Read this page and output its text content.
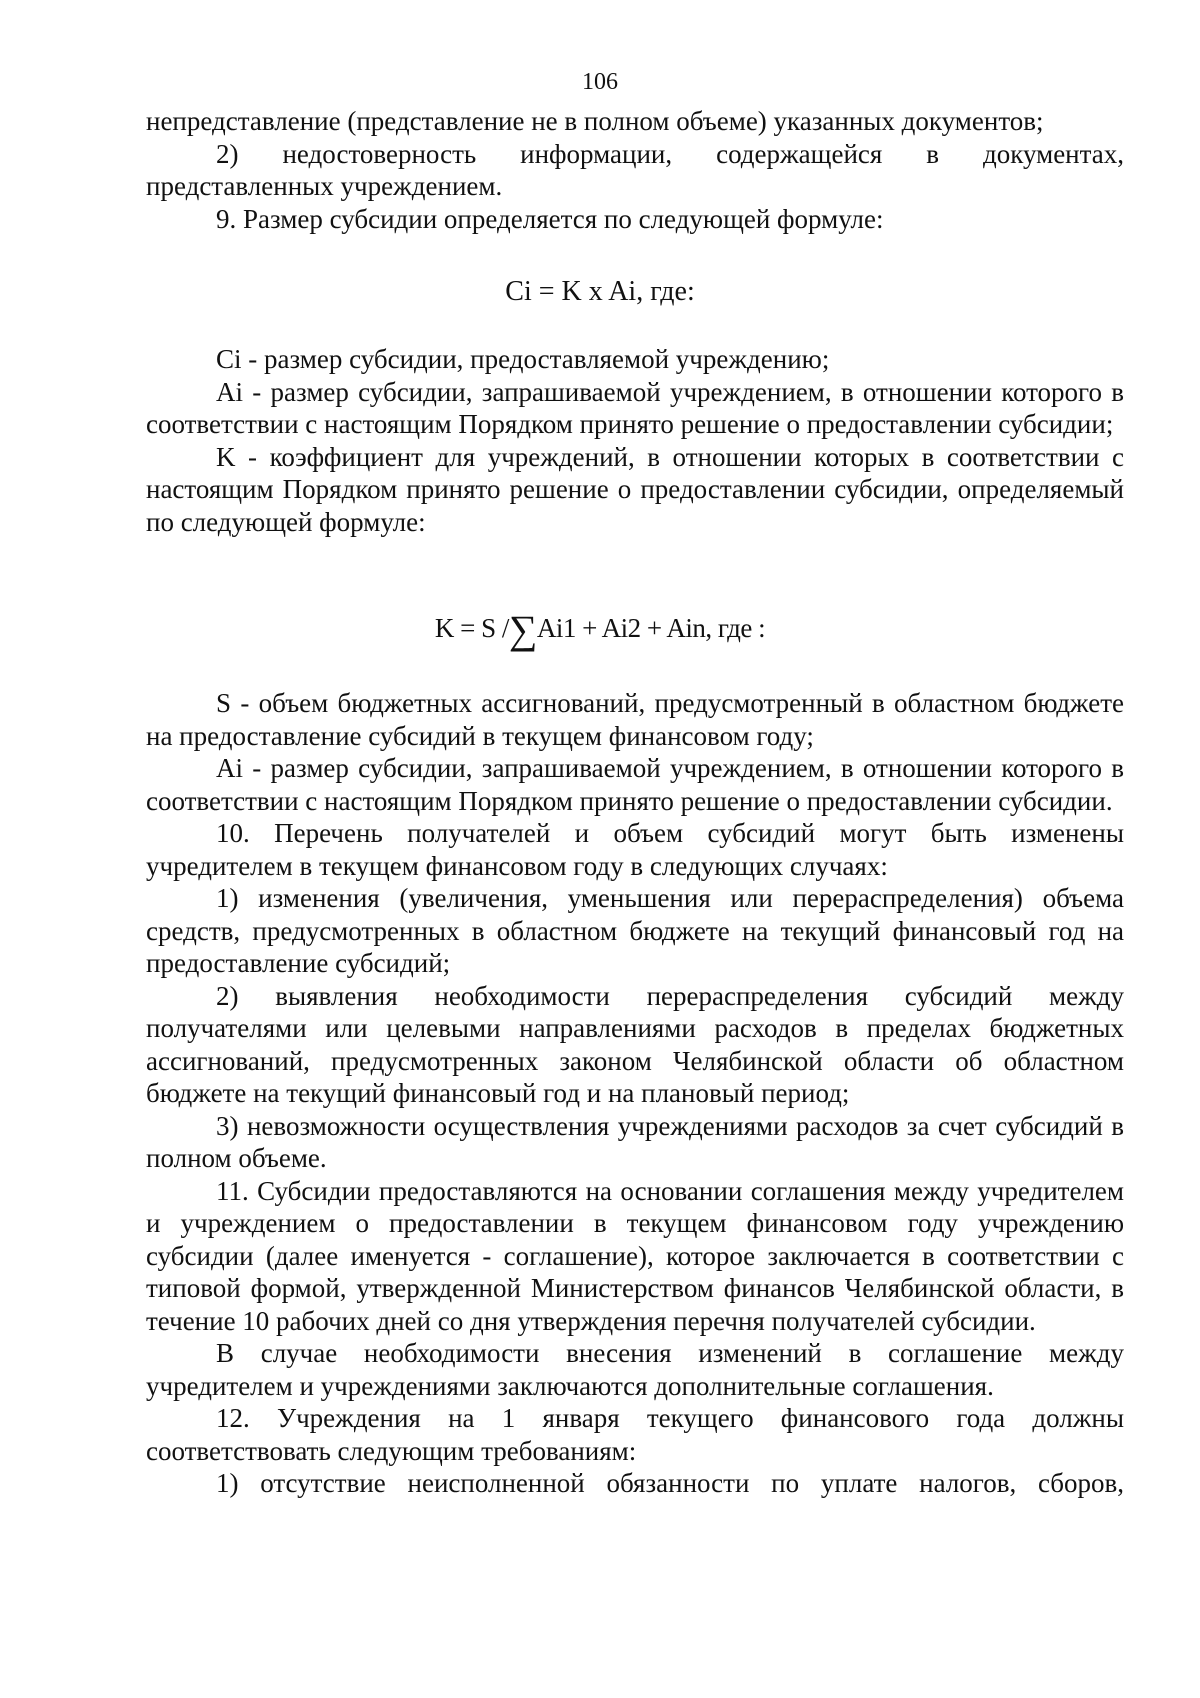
106

непредставление (представление не в полном объеме) указанных документов;

2) недостоверность информации, содержащейся в документах, представленных учреждением.

9. Размер субсидии определяется по следующей формуле:

Ci = K x Ai, где:

Ci - размер субсидии, предоставляемой учреждению;

Ai - размер субсидии, запрашиваемой учреждением, в отношении которого в соответствии с настоящим Порядком принято решение о предоставлении субсидии;

K - коэффициент для учреждений, в отношении которых в соответствии с настоящим Порядком принято решение о предоставлении субсидии, определяемый по следующей формуле:

K = S /∑Ai1 + Ai2 + Ain, где :

S - объем бюджетных ассигнований, предусмотренный в областном бюджете на предоставление субсидий в текущем финансовом году;

Ai - размер субсидии, запрашиваемой учреждением, в отношении которого в соответствии с настоящим Порядком принято решение о предоставлении субсидии.

10. Перечень получателей и объем субсидий могут быть изменены учредителем в текущем финансовом году в следующих случаях:

1) изменения (увеличения, уменьшения или перераспределения) объема средств, предусмотренных в областном бюджете на текущий финансовый год на предоставление субсидий;

2) выявления необходимости перераспределения субсидий между получателями или целевыми направлениями расходов в пределах бюджетных ассигнований, предусмотренных законом Челябинской области об областном бюджете на текущий финансовый год и на плановый период;

3) невозможности осуществления учреждениями расходов за счет субсидий в полном объеме.

11. Субсидии предоставляются на основании соглашения между учредителем и учреждением о предоставлении в текущем финансовом году учреждению субсидии (далее именуется - соглашение), которое заключается в соответствии с типовой формой, утвержденной Министерством финансов Челябинской области, в течение 10 рабочих дней со дня утверждения перечня получателей субсидии.

В случае необходимости внесения изменений в соглашение между учредителем и учреждениями заключаются дополнительные соглашения.

12. Учреждения на 1 января текущего финансового года должны соответствовать следующим требованиям:

1) отсутствие неисполненной обязанности по уплате налогов, сборов,
